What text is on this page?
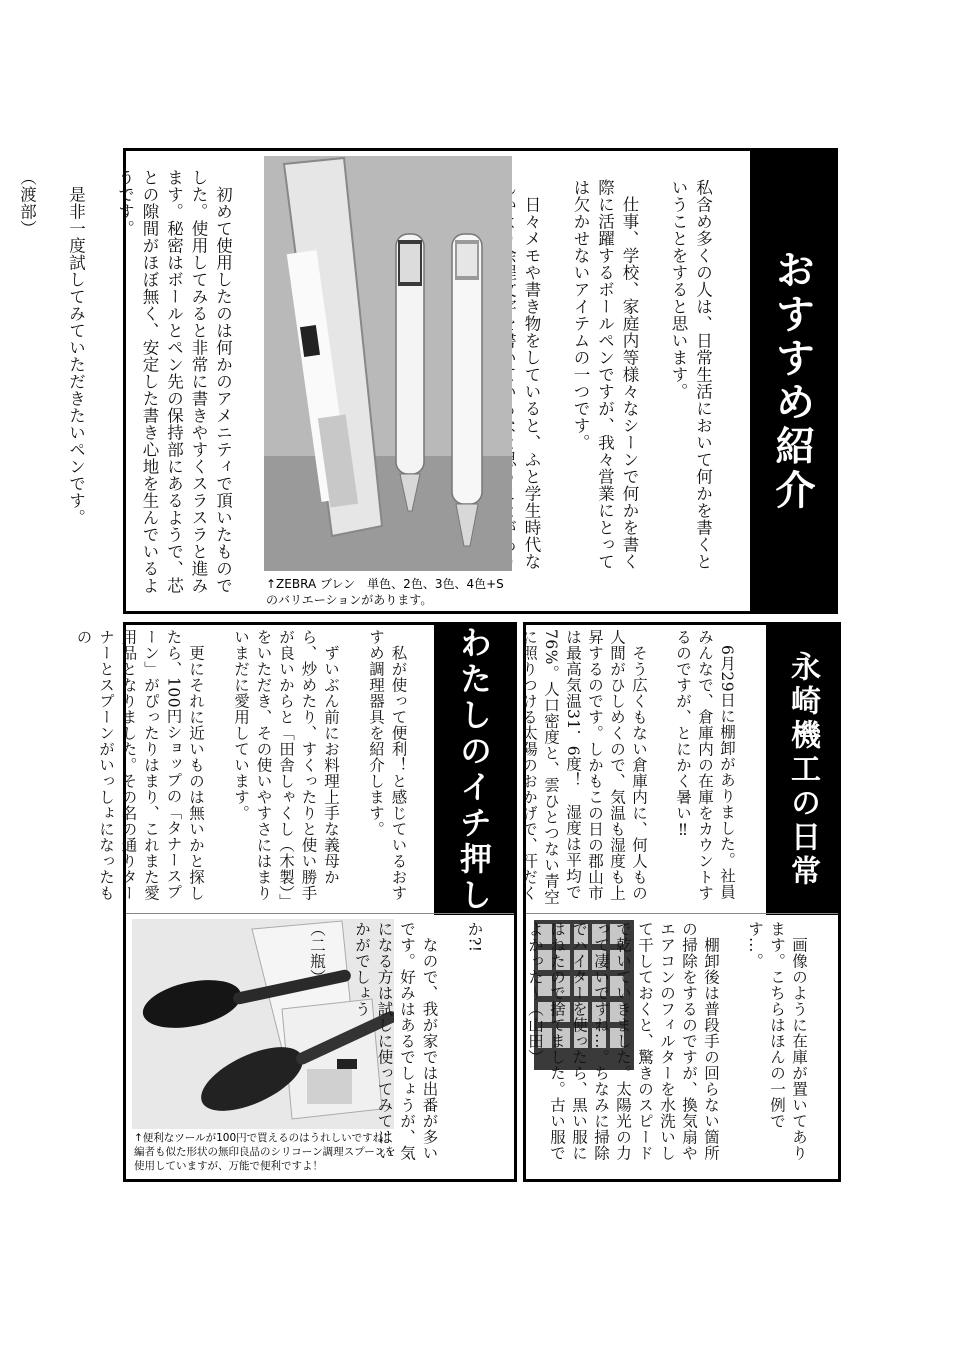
おすすめ紹介

私含め多くの人は、日常生活において何かを書くということをすると思います。

　仕事、学校、家庭内等様々なシーンで何かを書く際に活躍するボールペンですが、我々営業にとっては欠かせないアイテムの一つです。

　日々メモや書き物をしていると、ふと学生時代な　

↑ZEBRA ブレン　単色、2色、3色、4色+S のバリエーションがあります。

　初めて使用したのは何かのアメニティで頂いたものでした。使用してみると非常に書きやすくスラスラと進みます。秘密はボールとペン先の保持部にあるようで、芯との隙間がほぼ無く、安定した書き心地を生んでいるようです。

　是非一度試してみていただきたいペンです。

（渡部）

永崎機工の日常

　6月29日に棚卸がありました。社員みんなで、倉庫内の在庫をカウントするのですが、とにかく暑い‼

　そう広くもない倉庫内に、何人もの人間がひしめくので、気温も湿度も上昇するのです。しかもこの日の郡山市は最高気温31．6度！　湿度は平均で76%。人口密度と、雲ひとつない青空に照りつける太陽のおかげで、汗だく

　画像のように在庫が置いてあります。こちらはほんの一例です…。

　棚卸後は普段手の回らない箇所の掃除をするのですが、換気扇やエアコンのフィルターを水洗いして干しておくと、驚きのスピードで乾いていきました。太陽光の力って凄いですね…。ちなみに掃除でハイターを使ったら、黒い服にはねたので捨てました。古い服でよかった～（山田）

わたしのイチ押し

　私が使って便利！と感じているおすすめ調理器具を紹介します。

　ずいぶん前にお料理上手な義母から、炒めたり、すくったりと使い勝手が良いからと「田舎しゃくし（木製）」をいただき、その使いやすさにはまりいまだに愛用しています。

　更にそれに近いものは無いかと探したら、100円ショップの「タナースプーン」がぴったりはまり、これまた愛用品となりました。その名の通りターナーとスプーンがいっしょになったもの

↑便利なツールが100円で買えるのはうれしいですね！編者も似た形状の無印良品のシリコーン調理スプーンを使用していますが、万能で便利ですよ！

か?!

　なので、我が家では出番が多いです。好みはあるでしょうが、気になる方は試しに使ってみてはいかがでしょう

（二瓶）
